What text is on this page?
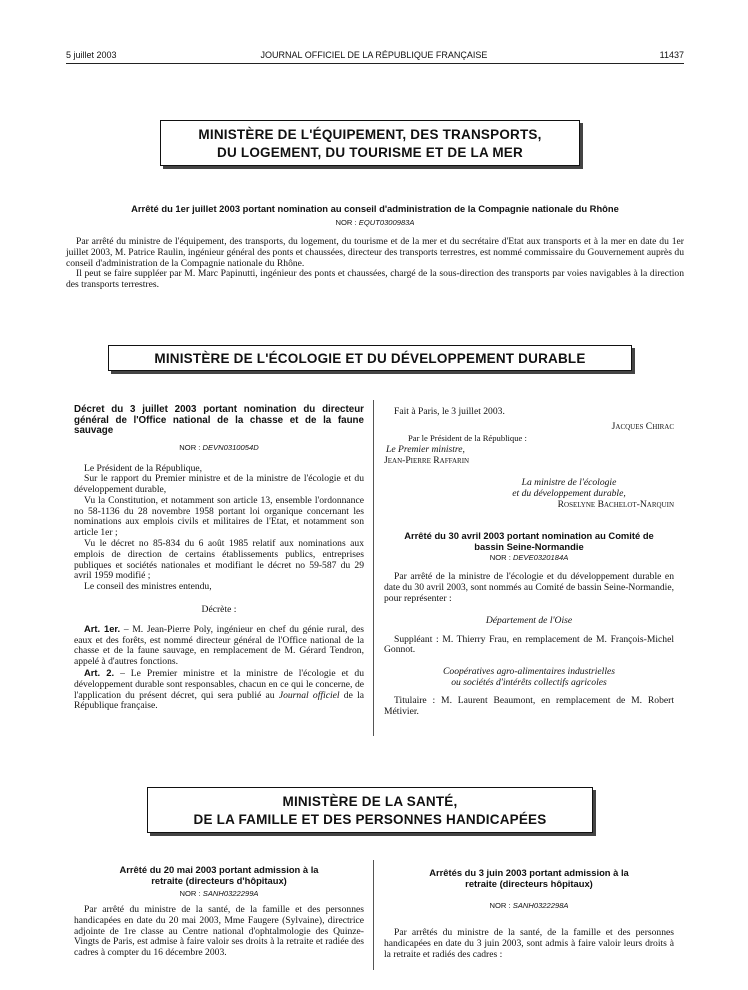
5 juillet 2003	JOURNAL OFFICIEL DE LA RÉPUBLIQUE FRANÇAISE	11437
MINISTÈRE DE L'ÉQUIPEMENT, DES TRANSPORTS,
DU LOGEMENT, DU TOURISME ET DE LA MER
Arrêté du 1er juillet 2003 portant nomination au conseil d'administration de la Compagnie nationale du Rhône
NOR : EQUT0300983A

Par arrêté du ministre de l'équipement, des transports, du logement, du tourisme et de la mer et du secrétaire d'Etat aux transports et à la mer en date du 1er juillet 2003, M. Patrice Raulin, ingénieur général des ponts et chaussées, directeur des transports terrestres, est nommé commissaire du Gouvernement auprès du conseil d'administration de la Compagnie nationale du Rhône.

Il peut se faire suppléer par M. Marc Papinutti, ingénieur des ponts et chaussées, chargé de la sous-direction des transports par voies navigables à la direction des transports terrestres.

MINISTÈRE DE L'ÉCOLOGIE ET DU DÉVELOPPEMENT DURABLE
Décret du 3 juillet 2003 portant nomination du directeur général de l'Office national de la chasse et de la faune sauvage
NOR : DEVN0310054D

Le Président de la République,

Sur le rapport du Premier ministre et de la ministre de l'écologie et du développement durable,

Vu la Constitution, et notamment son article 13, ensemble l'ordonnance no 58-1136 du 28 novembre 1958 portant loi organique concernant les nominations aux emplois civils et militaires de l'Etat, et notamment son article 1er ;

Vu le décret no 85-834 du 6 août 1985 relatif aux nominations aux emplois de direction de certains établissements publics, entreprises publiques et sociétés nationales et modifiant le décret no 59-587 du 29 avril 1959 modifié ;

Le conseil des ministres entendu,

Décrète :

Art. 1er. – M. Jean-Pierre Poly, ingénieur en chef du génie rural, des eaux et des forêts, est nommé directeur général de l'Office national de la chasse et de la faune sauvage, en remplacement de M. Gérard Tendron, appelé à d'autres fonctions.

Art. 2. – Le Premier ministre et la ministre de l'écologie et du développement durable sont responsables, chacun en ce qui le concerne, de l'application du présent décret, qui sera publié au Journal officiel de la République française.

Fait à Paris, le 3 juillet 2003.

Jacques Chirac

Par le Président de la République :

Le Premier ministre,

Jean-Pierre Raffarin

La ministre de l'écologie

et du développement durable,

Roselyne Bachelot-Narquin

Arrêté du 30 avril 2003 portant nomination au Comité de bassin Seine-Normandie
NOR : DEVE0320184A

Par arrêté de la ministre de l'écologie et du développement durable en date du 30 avril 2003, sont nommés au Comité de bassin Seine-Normandie, pour représenter :

Département de l'Oise

Suppléant : M. Thierry Frau, en remplacement de M. François-Michel Gonnot.

Coopératives agro-alimentaires industrielles

ou sociétés d'intérêts collectifs agricoles

Titulaire : M. Laurent Beaumont, en remplacement de M. Robert Métivier.

MINISTÈRE DE LA SANTÉ,
DE LA FAMILLE ET DES PERSONNES HANDICAPÉES
Arrêté du 20 mai 2003 portant admission à la retraite (directeurs d'hôpitaux)
NOR : SANH0322299A

Par arrêté du ministre de la santé, de la famille et des personnes handicapées en date du 20 mai 2003, Mme Faugere (Sylvaine), directrice adjointe de 1re classe au Centre national d'ophtalmologie des Quinze-Vingts de Paris, est admise à faire valoir ses droits à la retraite et radiée des cadres à compter du 16 décembre 2003.

Arrêtés du 3 juin 2003 portant admission à la retraite (directeurs hôpitaux)
NOR : SANH0322298A

Par arrêtés du ministre de la santé, de la famille et des personnes handicapées en date du 3 juin 2003, sont admis à faire valoir leurs droits à la retraite et radiés des cadres :
